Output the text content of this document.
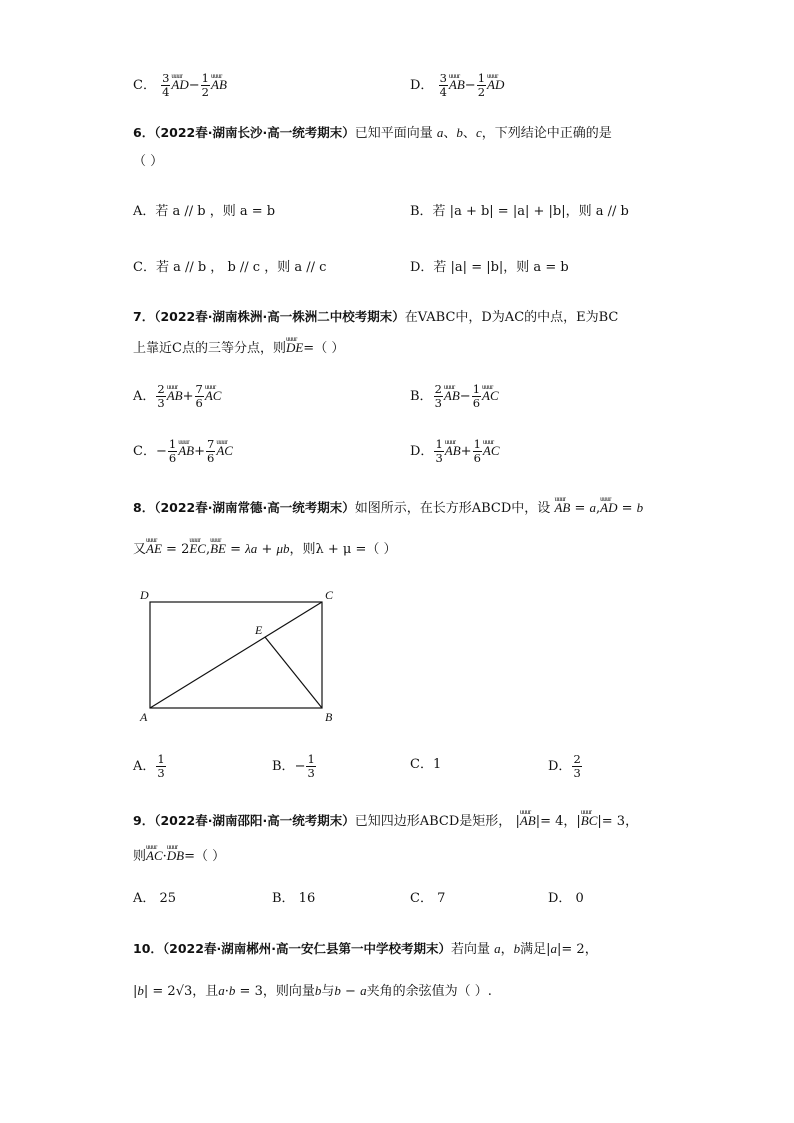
C． $\frac{3}{4}$ uuur $AD- \frac{1}{2}$ uuur AB	D． $\frac{3}{4}$ uuur $AB- \frac{1}{2}$ uuur AD
6．（2022春·湖南长沙·高一统考期末）已知平面向量 a、b、c，下列结论中正确的是
（ ）
A．若 a // b ，则 a = b	B．若 |a + b| = |a| + |b|，则 a // b
C．若 a // b ， b // c ，则 a // c	D．若 |a| = |b|，则 a = b
7．（2022春·湖南株洲·高一株洲二中校考期末）在VABC中，D为AC的中点，E为BC
上靠近C点的三等分点，则uuur DE=（ ）
A． $\frac{2}{3}$ uuur $AB+ \frac{7}{6}$ uuur AC	B． $\frac{2}{3}$ uuur $AB- \frac{1}{6}$ uuur AC
C．− $\frac{1}{6}$ uuur $AB+ \frac{7}{6}$ uuur AC	D． $\frac{1}{3}$ uuur $AB+ \frac{1}{6}$ uuur AC
8．（2022春·湖南常德·高一统考期末）如图所示，在长方形ABCD中，设 uuur AB = a,uuur AD = b
又uuur AE = 2uuur EC,uuur BE = λa + μb，则λ + μ =（ ）
D	C
A	B
E
A． $\frac{1}{3}$	B．− $\frac{1}{3}$	C．1	D． $\frac{2}{3}$
9．（2022春·湖南邵阳·高一统考期末）已知四边形ABCD是矩形， |uuur AB|= 4，|uuur BC|= 3，
则uuur AC·uuur DB=（ ）
A． 25	B． 16	C． 7	D． 0
10．（2022春·湖南郴州·高一安仁县第一中学校考期末）若向量 a，b满足|a|= 2，
|b| = 2√3，且a·b = 3，则向量b与b − a夹角的余弦值为（ ）.
